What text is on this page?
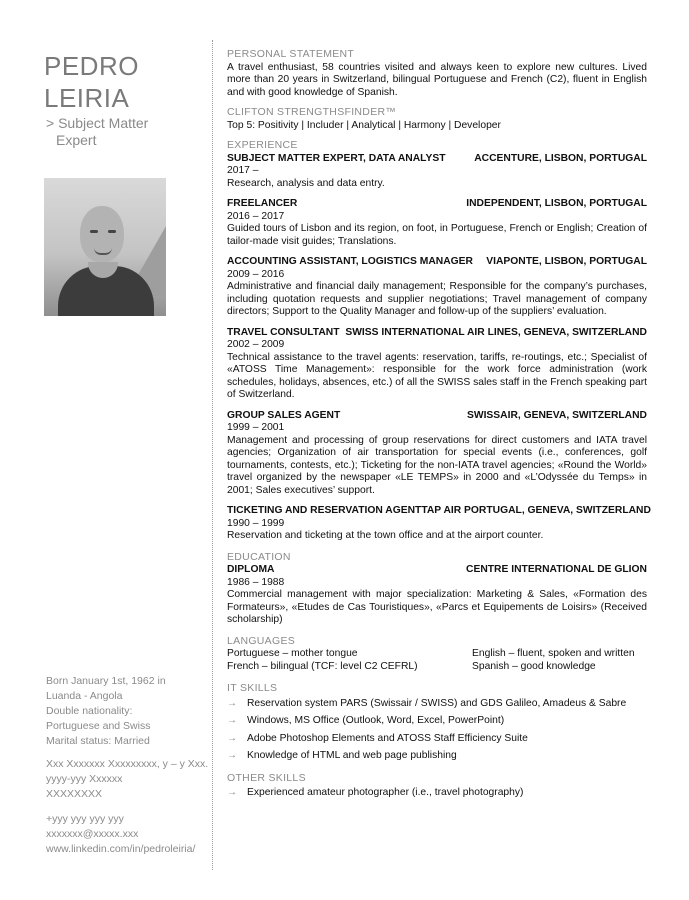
PEDRO
LEIRIA
> Subject Matter
Expert
Born January 1st, 1962 in
Luanda - Angola
Double nationality:
Portuguese and Swiss
Marital status: Married
Xxx Xxxxxxx Xxxxxxxxx, y – y Xxx.
yyyy-yyy Xxxxxx
XXXXXXXX
+yyy yyy yyy yyy
xxxxxxx@xxxxx.xxx
www.linkedin.com/in/pedroleiria/
PERSONAL STATEMENT
A travel enthusiast, 58 countries visited and always keen to explore new cultures. Lived more than 20 years in Switzerland, bilingual Portuguese and French (C2), fluent in English and with good knowledge of Spanish.
CLIFTON STRENGTHSFINDER™
Top 5: Positivity | Includer | Analytical | Harmony | Developer
EXPERIENCE
SUBJECT MATTER EXPERT, DATA ANALYST	ACCENTURE, LISBON, PORTUGAL
2017 –
Research, analysis and data entry.
FREELANCER	INDEPENDENT, LISBON, PORTUGAL
2016 – 2017
Guided tours of Lisbon and its region, on foot, in Portuguese, French or English; Creation of tailor-made visit guides; Translations.
ACCOUNTING ASSISTANT, LOGISTICS MANAGER VIAPONTE, LISBON, PORTUGAL
2009 – 2016
Administrative and financial daily management; Responsible for the company’s purchases, including quotation requests and supplier negotiations; Travel management of company directors; Support to the Quality Manager and follow-up of the suppliers’ evaluation.
TRAVEL CONSULTANT SWISS INTERNATIONAL AIR LINES, GENEVA, SWITZERLAND
2002 – 2009
Technical assistance to the travel agents: reservation, tariffs, re-routings, etc.; Specialist of «ATOSS Time Management»: responsible for the work force administration (work schedules, holidays, absences, etc.) of all the SWISS sales staff in the French speaking part of Switzerland.
GROUP SALES AGENT	SWISSAIR, GENEVA, SWITZERLAND
1999 – 2001
Management and processing of group reservations for direct customers and IATA travel agencies; Organization of air transportation for special events (i.e., conferences, golf tournaments, contests, etc.); Ticketing for the non-IATA travel agencies; «Round the World» travel organized by the newspaper «LE TEMPS» in 2000 and «L’Odyssée du Temps» in 2001; Sales executives’ support.
TICKETING AND RESERVATION AGENT TAP AIR PORTUGAL, GENEVA, SWITZERLAND
1990 – 1999
Reservation and ticketing at the town office and at the airport counter.
EDUCATION
DIPLOMA	CENTRE INTERNATIONAL DE GLION
1986 – 1988
Commercial management with major specialization: Marketing & Sales, «Formation des Formateurs», «Etudes de Cas Touristiques», «Parcs et Equipements de Loisirs» (Received scholarship)
LANGUAGES
Portuguese – mother tongue	English – fluent, spoken and written
French – bilingual (TCF: level C2 CEFRL)	Spanish – good knowledge
IT SKILLS
→ Reservation system PARS (Swissair / SWISS) and GDS Galileo, Amadeus & Sabre
→ Windows, MS Office (Outlook, Word, Excel, PowerPoint)
→ Adobe Photoshop Elements and ATOSS Staff Efficiency Suite
→ Knowledge of HTML and web page publishing
OTHER SKILLS
→ Experienced amateur photographer (i.e., travel photography)
